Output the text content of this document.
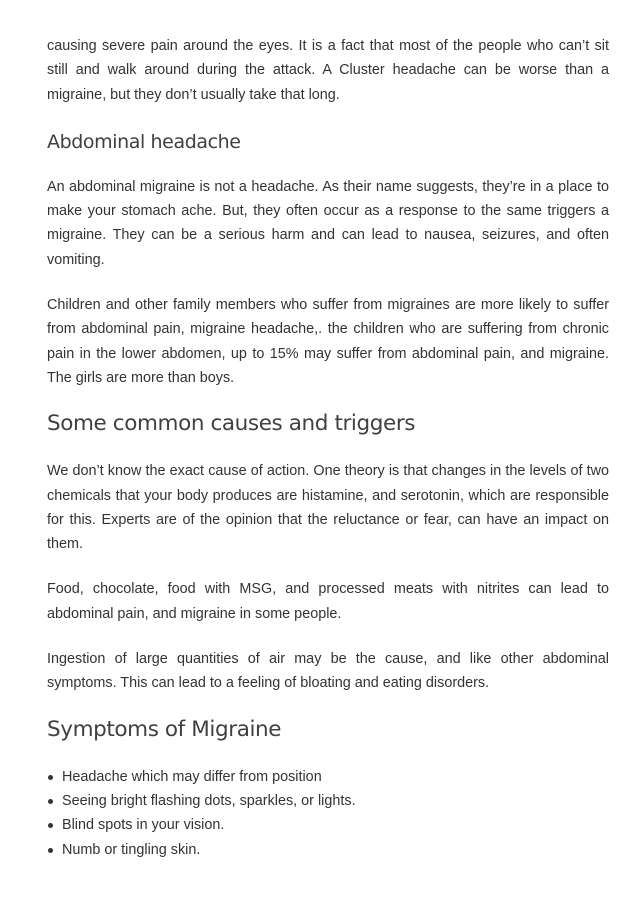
causing severe pain around the eyes. It is a fact that most of the people who can’t sit still and walk around during the attack. A Cluster headache can be worse than a migraine, but they don’t usually take that long.

Abdominal headache

An abdominal migraine is not a headache. As their name suggests, they’re in a place to make your stomach ache. But, they often occur as a response to the same triggers a migraine. They can be a serious harm and can lead to nausea, seizures, and often vomiting.

Children and other family members who suffer from migraines are more likely to suffer from abdominal pain, migraine headache,. the children who are suffering from chronic pain in the lower abdomen, up to 15% may suffer from abdominal pain, and migraine. The girls are more than boys.

Some common causes and triggers

We don’t know the exact cause of action. One theory is that changes in the levels of two chemicals that your body produces are histamine, and serotonin, which are responsible for this. Experts are of the opinion that the reluctance or fear, can have an impact on them.

Food, chocolate, food with MSG, and processed meats with nitrites can lead to abdominal pain, and migraine in some people.

Ingestion of large quantities of air may be the cause, and like other abdominal symptoms. This can lead to a feeling of bloating and eating disorders.

Symptoms of Migraine
Headache which may differ from position
Seeing bright flashing dots, sparkles, or lights.
Blind spots in your vision.
Numb or tingling skin.
